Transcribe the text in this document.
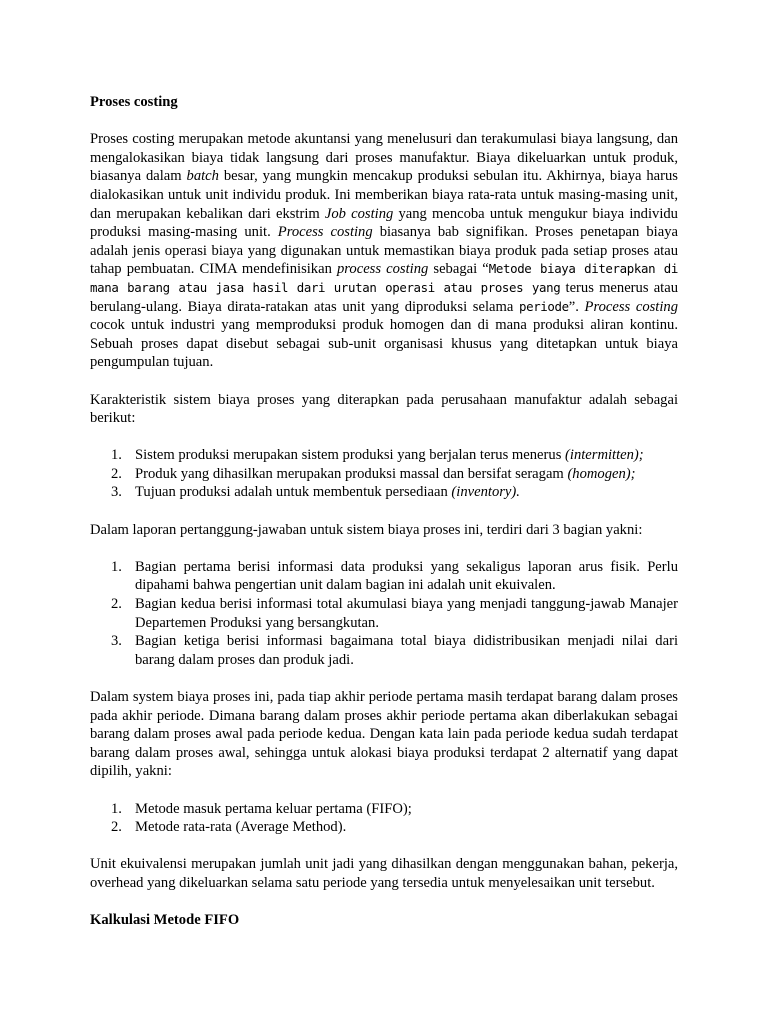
Proses costing

Proses costing merupakan metode akuntansi yang menelusuri dan terakumulasi biaya langsung, dan mengalokasikan biaya tidak langsung dari proses manufaktur. Biaya dikeluarkan untuk produk, biasanya dalam batch besar, yang mungkin mencakup produksi sebulan itu. Akhirnya, biaya harus dialokasikan untuk unit individu produk. Ini memberikan biaya rata-rata untuk masing-masing unit, dan merupakan kebalikan dari ekstrim Job costing yang mencoba untuk mengukur biaya individu produksi masing-masing unit. Process costing biasanya bab signifikan. Proses penetapan biaya adalah jenis operasi biaya yang digunakan untuk memastikan biaya produk pada setiap proses atau tahap pembuatan. CIMA mendefinisikan process costing sebagai “Metode biaya diterapkan di mana barang atau jasa hasil dari urutan operasi atau proses yang terus menerus atau berulang-ulang. Biaya dirata-ratakan atas unit yang diproduksi selama periode”. Process costing cocok untuk industri yang memproduksi produk homogen dan di mana produksi aliran kontinu. Sebuah proses dapat disebut sebagai sub-unit organisasi khusus yang ditetapkan untuk biaya pengumpulan tujuan.

Karakteristik sistem biaya proses yang diterapkan pada perusahaan manufaktur adalah sebagai berikut:

1. Sistem produksi merupakan sistem produksi yang berjalan terus menerus (intermitten);
2. Produk yang dihasilkan merupakan produksi massal dan bersifat seragam (homogen);
3. Tujuan produksi adalah untuk membentuk persediaan (inventory).

Dalam laporan pertanggung-jawaban untuk sistem biaya proses ini, terdiri dari 3 bagian yakni:

1. Bagian pertama berisi informasi data produksi yang sekaligus laporan arus fisik. Perlu dipahami bahwa pengertian unit dalam bagian ini adalah unit ekuivalen.
2. Bagian kedua berisi informasi total akumulasi biaya yang menjadi tanggung-jawab Manajer Departemen Produksi yang bersangkutan.
3. Bagian ketiga berisi informasi bagaimana total biaya didistribusikan menjadi nilai dari barang dalam proses dan produk jadi.

Dalam system biaya proses ini, pada tiap akhir periode pertama masih terdapat barang dalam proses pada akhir periode. Dimana barang dalam proses akhir periode pertama akan diberlakukan sebagai barang dalam proses awal pada periode kedua. Dengan kata lain pada periode kedua sudah terdapat barang dalam proses awal, sehingga untuk alokasi biaya produksi terdapat 2 alternatif yang dapat dipilih, yakni:

1. Metode masuk pertama keluar pertama (FIFO);
2. Metode rata-rata (Average Method).

Unit ekuivalensi merupakan jumlah unit jadi yang dihasilkan dengan menggunakan bahan, pekerja, overhead yang dikeluarkan selama satu periode yang tersedia untuk menyelesaikan unit tersebut.

Kalkulasi Metode FIFO
